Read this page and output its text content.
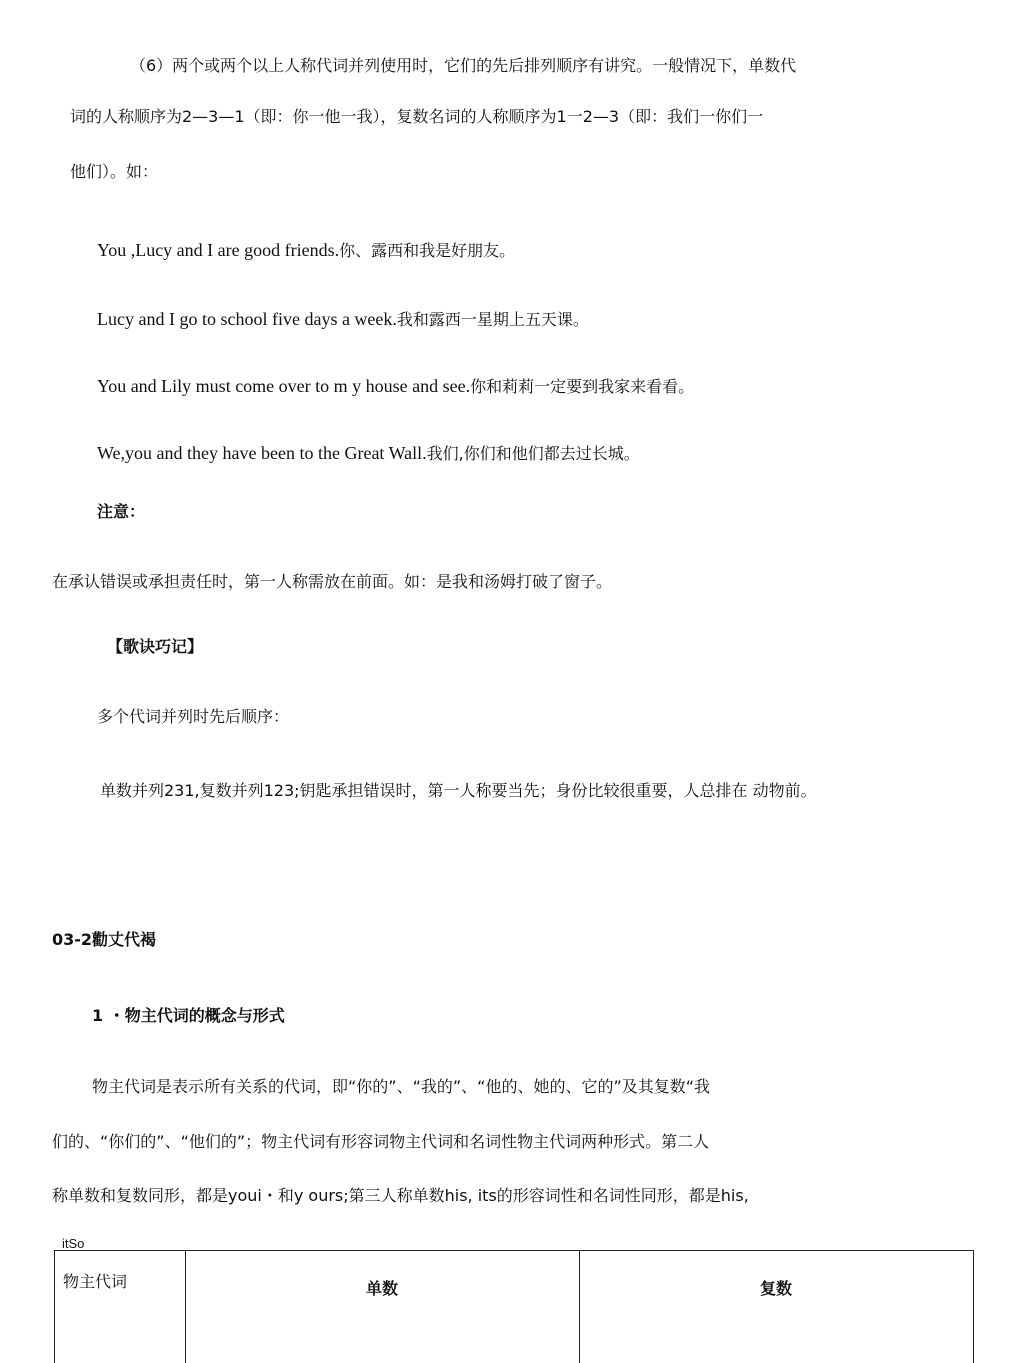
（6）两个或两个以上人称代词并列使用时，它们的先后排列顺序有讲究。一般情况下，单数代
词的人称顺序为2—3—1（即：你一他一我），复数名词的人称顺序为1一2—3（即：我们一你们一
他们）。如：
You ,Lucy and I are good friends.你、露西和我是好朋友。
Lucy and I go to school five days a week.我和露西一星期上五天课。
You and Lily must come over to m y house and see.你和莉莉一定要到我家来看看。
We,you and they have been to the Great Wall.我们,你们和他们都去过长城。
注意：
在承认错误或承担责任时，第一人称需放在前面。如：是我和汤姆打破了窗子。
【歌诀巧记】
多个代词并列时先后顺序：
单数并列231,复数并列123;钥匙承担错误时，第一人称要当先；身份比较很重要，人总排在 动物前。
03-2勸丈代褐
1 ・物主代词的概念与形式
物主代词是表示所有关系的代词，即“你的”、“我的”、“他的、她的、它的”及其复数“我
们的、“你们的”、“他们的”；物主代词有形容词物主代词和名词性物主代词两种形式。第二人
称单数和复数同形，都是youi・和y ours;第三人称单数his, its的形容词性和名词性同形，都是his,
itSo
物主代词	单数	复数
